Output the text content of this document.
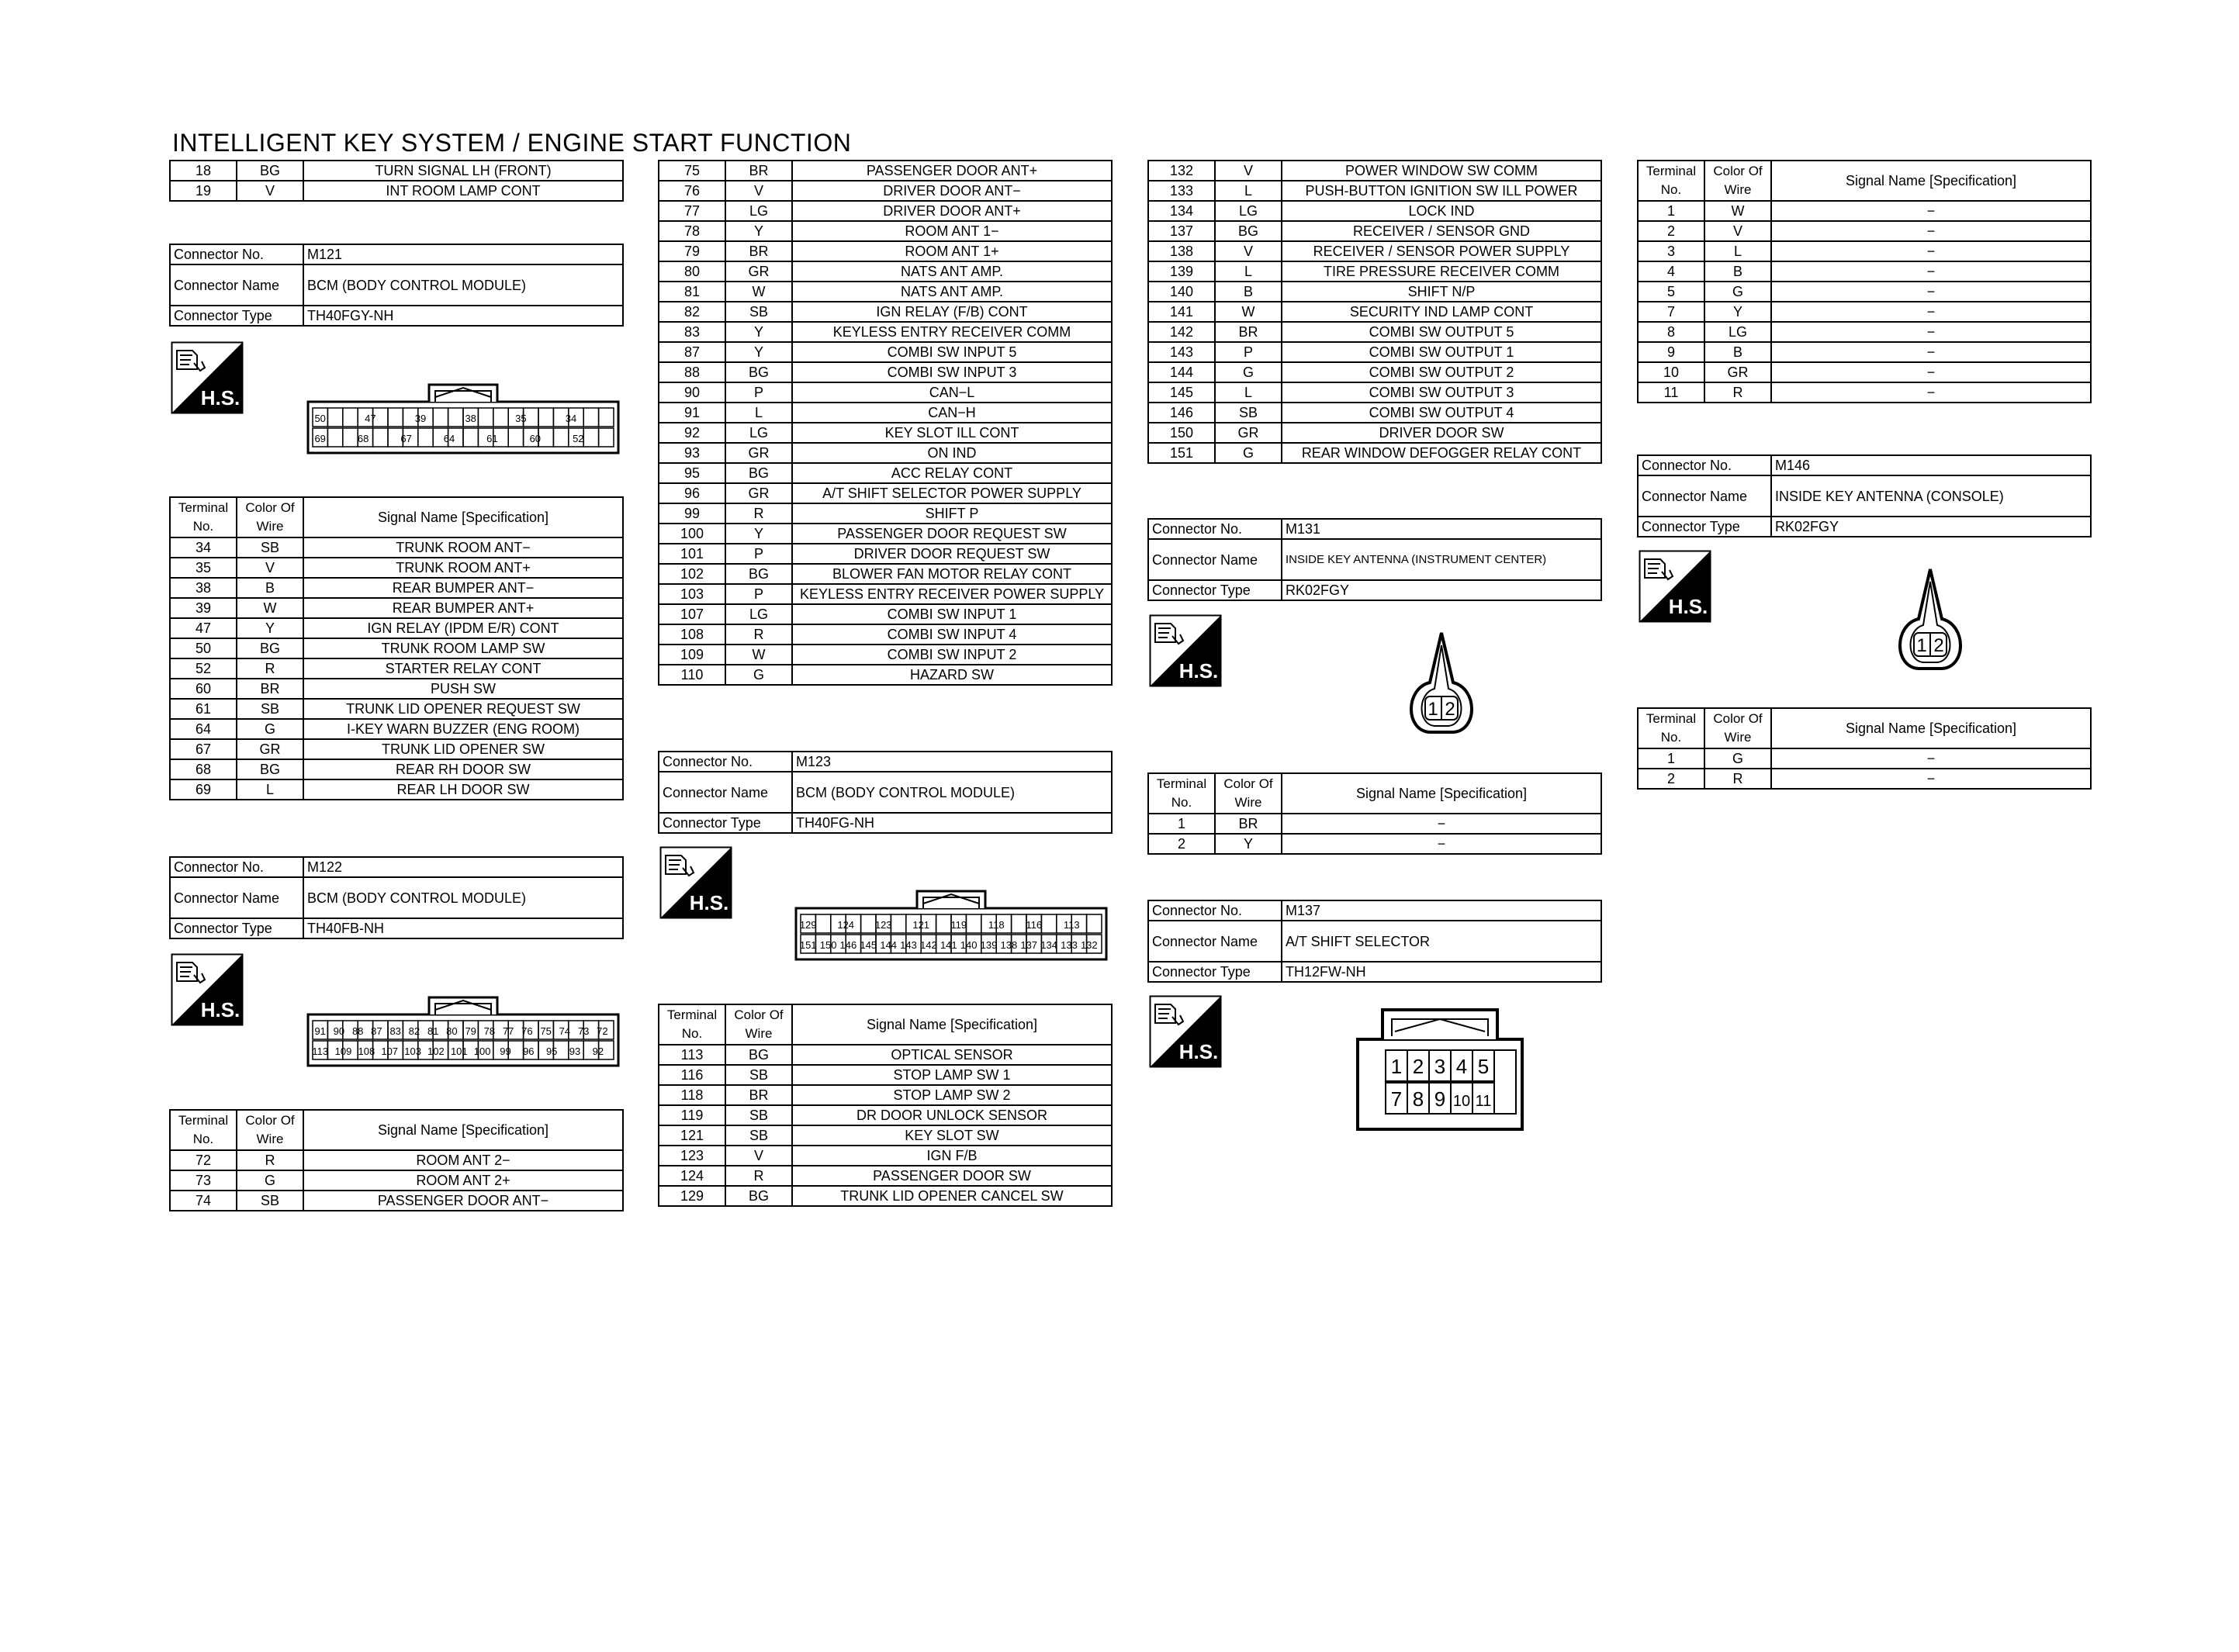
INTELLIGENT KEY SYSTEM / ENGINE START FUNCTION
18	BG	TURN SIGNAL LH (FRONT)
19	V	INT ROOM LAMP CONT
Connector No.	M121
Connector Name	BCM (BODY CONTROL MODULE)
Connector Type	TH40FGY-NH
H.S.
50	47	39	38	35	34
69	68	67	64	61	60	52
Terminal No.	Color Of Wire	Signal Name [Specification]
34	SB	TRUNK ROOM ANT−
35	V	TRUNK ROOM ANT+
38	B	REAR BUMPER ANT−
39	W	REAR BUMPER ANT+
47	Y	IGN RELAY (IPDM E/R) CONT
50	BG	TRUNK ROOM LAMP SW
52	R	STARTER RELAY CONT
60	BR	PUSH SW
61	SB	TRUNK LID OPENER REQUEST SW
64	G	I-KEY WARN BUZZER (ENG ROOM)
67	GR	TRUNK LID OPENER SW
68	BG	REAR RH DOOR SW
69	L	REAR LH DOOR SW
Connector No.	M122
Connector Name	BCM (BODY CONTROL MODULE)
Connector Type	TH40FB-NH
H.S.
91 90 88 87 83 82 81 80 79 78 77 76 75 74 73 72
113 109 108 107 103 102 101 100 99 96 95 93 92
Terminal No.	Color Of Wire	Signal Name [Specification]
72	R	ROOM ANT 2−
73	G	ROOM ANT 2+
74	SB	PASSENGER DOOR ANT−
75	BR	PASSENGER DOOR ANT+
76	V	DRIVER DOOR ANT−
77	LG	DRIVER DOOR ANT+
78	Y	ROOM ANT 1−
79	BR	ROOM ANT 1+
80	GR	NATS ANT AMP.
81	W	NATS ANT AMP.
82	SB	IGN RELAY (F/B) CONT
83	Y	KEYLESS ENTRY RECEIVER COMM
87	Y	COMBI SW INPUT 5
88	BG	COMBI SW INPUT 3
90	P	CAN−L
91	L	CAN−H
92	LG	KEY SLOT ILL CONT
93	GR	ON IND
95	BG	ACC RELAY CONT
96	GR	A/T SHIFT SELECTOR POWER SUPPLY
99	R	SHIFT P
100	Y	PASSENGER DOOR REQUEST SW
101	P	DRIVER DOOR REQUEST SW
102	BG	BLOWER FAN MOTOR RELAY CONT
103	P	KEYLESS ENTRY RECEIVER POWER SUPPLY
107	LG	COMBI SW INPUT 1
108	R	COMBI SW INPUT 4
109	W	COMBI SW INPUT 2
110	G	HAZARD SW
Connector No.	M123
Connector Name	BCM (BODY CONTROL MODULE)
Connector Type	TH40FG-NH
H.S.
129 124 123 121 119 118 116 113
151 150 146 145 144 143 142 141 140 139 138 137 134 133 132
Terminal No.	Color Of Wire	Signal Name [Specification]
113	BG	OPTICAL SENSOR
116	SB	STOP LAMP SW 1
118	BR	STOP LAMP SW 2
119	SB	DR DOOR UNLOCK SENSOR
121	SB	KEY SLOT SW
123	V	IGN F/B
124	R	PASSENGER DOOR SW
129	BG	TRUNK LID OPENER CANCEL SW
132	V	POWER WINDOW SW COMM
133	L	PUSH-BUTTON IGNITION SW ILL POWER
134	LG	LOCK IND
137	BG	RECEIVER / SENSOR GND
138	V	RECEIVER / SENSOR POWER SUPPLY
139	L	TIRE PRESSURE RECEIVER COMM
140	B	SHIFT N/P
141	W	SECURITY IND LAMP CONT
142	BR	COMBI SW OUTPUT 5
143	P	COMBI SW OUTPUT 1
144	G	COMBI SW OUTPUT 2
145	L	COMBI SW OUTPUT 3
146	SB	COMBI SW OUTPUT 4
150	GR	DRIVER DOOR SW
151	G	REAR WINDOW DEFOGGER RELAY CONT
Connector No.	M131
Connector Name	INSIDE KEY ANTENNA (INSTRUMENT CENTER)
Connector Type	RK02FGY
H.S.
1 2
Terminal No.	Color Of Wire	Signal Name [Specification]
1	BR	−
2	Y	−
Connector No.	M137
Connector Name	A/T SHIFT SELECTOR
Connector Type	TH12FW-NH
H.S.
1
7
2
8
3
9
4
10
5
11
Terminal No.	Color Of Wire	Signal Name [Specification]
1	W	−
2	V	−
3	L	−
4	B	−
5	G	−
7	Y	−
8	LG	−
9	B	−
10	GR	−
11	R	−
Connector No.	M146
Connector Name	INSIDE KEY ANTENNA (CONSOLE)
Connector Type	RK02FGY
H.S.
1 2
Terminal No.	Color Of Wire	Signal Name [Specification]
1	G	−
2	R	−
